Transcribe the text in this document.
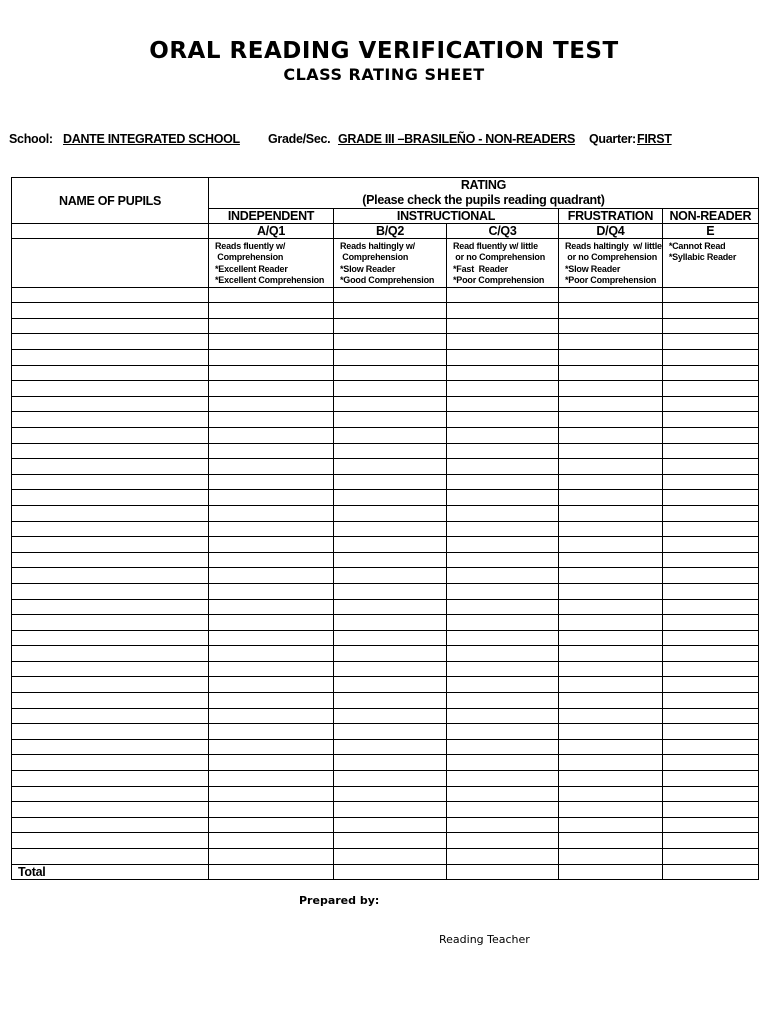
ORAL READING VERIFICATION TEST
CLASS RATING SHEET
School: DANTE INTEGRATED SCHOOL Grade/Sec. GRADE III –BRASILEÑO - NON-READERS Quarter: FIRST
NAME OF PUPILS	RATING
(Please check the pupils reading quadrant)				

	INDEPENDENT	INSTRUCTIONAL		FRUSTRATION	NON-READER
	A/Q1	B/Q2	C/Q3	D/Q4	E
	Reads fluently w/
Comprehension
*Excellent Reader
*Excellent Comprehension	Reads haltingly w/
Comprehension
*Slow Reader
*Good Comprehension	Read fluently w/ little
or no Comprehension
*Fast  Reader
*Poor Comprehension	Reads haltingly  w/ little
or no Comprehension
*Slow Reader
*Poor Comprehension	*Cannot Read
*Syllabic Reader

Total					
Prepared by:
Reading Teacher
